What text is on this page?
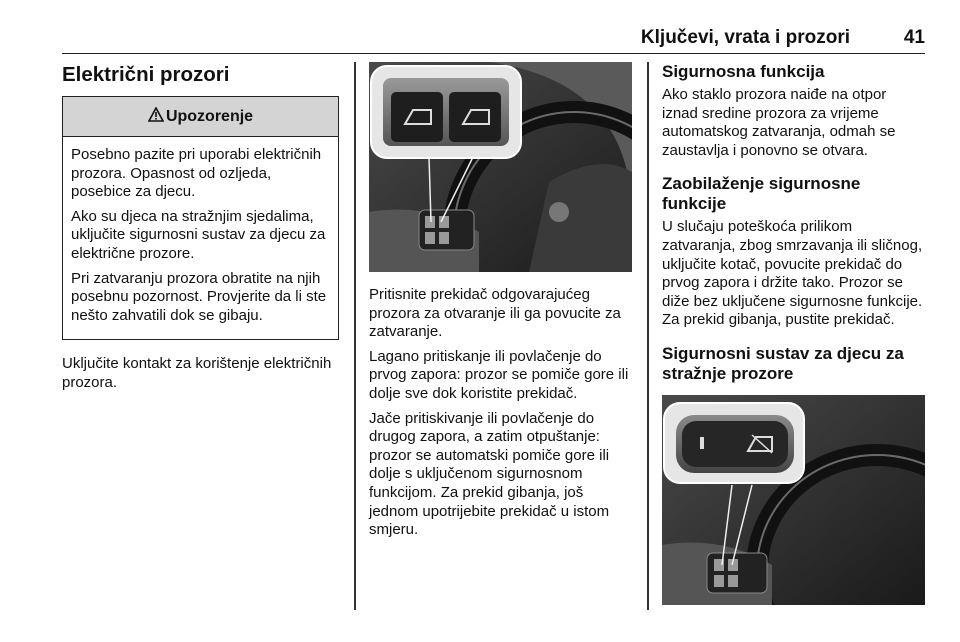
Ključevi, vrata i prozori	41
Električni prozori
Upozorenje

Posebno pazite pri uporabi električnih prozora. Opasnost od ozljeda, posebice za djecu.

Ako su djeca na stražnjim sjedalima, uključite sigurnosni sustav za djecu za električne prozore.

Pri zatvaranju prozora obratite na njih posebnu pozornost. Provjerite da li ste nešto zahvatili dok se gibaju.

Uključite kontakt za korištenje električnih prozora.

Pritisnite prekidač odgovarajućeg prozora za otvaranje ili ga povucite za zatvaranje.

Lagano pritiskanje ili povlačenje do prvog zapora: prozor se pomiče gore ili dolje sve dok koristite prekidač.

Jače pritiskivanje ili povlačenje do drugog zapora, a zatim otpuštanje: prozor se automatski pomiče gore ili dolje s uključenom sigurnosnom funkcijom. Za prekid gibanja, još jednom upotrijebite prekidač u istom smjeru.

Sigurnosna funkcija

Ako staklo prozora naiđe na otpor iznad sredine prozora za vrijeme automatskog zatvaranja, odmah se zaustavlja i ponovno se otvara.

Zaobilaženje sigurnosne funkcije

U slučaju poteškoća prilikom zatvaranja, zbog smrzavanja ili sličnog, uključite kotač, povucite prekidač do prvog zapora i držite tako. Prozor se diže bez uključene sigurnosne funkcije. Za prekid gibanja, pustite prekidač.

Sigurnosni sustav za djecu za stražnje prozore
